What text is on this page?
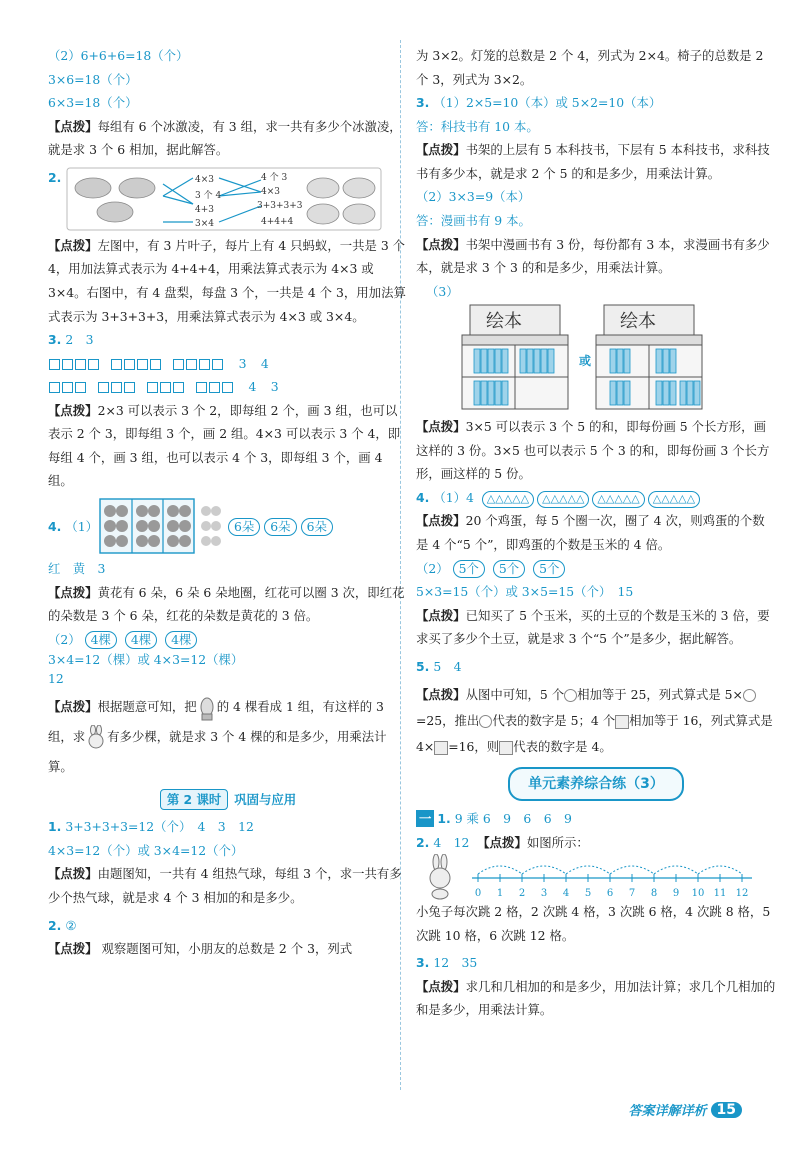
（2）6+6+6=18（个）

3×6=18（个）

6×3=18（个）

【点拨】每组有 6 个冰激凌，有 3 组，求一共有多少个冰激凌，就是求 3 个 6 相加，据此解答。

2.	4×3
3 个 4
4+3
3×4
4 个 3
4×3
3+3+3+3
4+4+4

【点拨】左图中，有 3 片叶子，每片上有 4 只蚂蚁，一共是 3 个 4，用加法算式表示为 4+4+4，用乘法算式表示为 4×3 或 3×4。右图中，有 4 盘梨，每盘 3 个，一共是 4 个 3，用加法算式表示为 3+3+3+3，用乘法算式表示为 4×3 或 3×4。

3. 2　3

3　4

4　3

【点拨】2×3 可以表示 3 个 2，即每组 2 个，画 3 组，也可以表示 2 个 3，即每组 3 个，画 2 组。4×3 可以表示 3 个 4，即每组 4 个，画 3 组，也可以表示 4 个 3，即每组 3 个，画 4 组。

4. （1）	6朵	6朵	6朵

红　黄　3

【点拨】黄花有 6 朵，6 朵 6 朵地圈，红花可以圈 3 次，即红花的朵数是 3 个 6 朵，红花的朵数是黄花的 3 倍。

（2） 4棵 4棵 4棵

3×4=12（棵）或 4×3=12（棵）

12

【点拨】根据题意可知，把 的 4 棵看成 1 组，有这样的 3 组，求 有多少棵，就是求 3 个 4 棵的和是多少，用乘法计算。

第 2 课时	巩固与应用

1. 3+3+3+3=12（个）　4　3　12

4×3=12（个）或 3×4=12（个）

【点拨】由题图知，一共有 4 组热气球，每组 3 个，求一共有多少个热气球，就是求 4 个 3 相加的和是多少。

2. ②

【点拨】 观察题图可知，小朋友的总数是 2 个 3，列式

为 3×2。灯笼的总数是 2 个 4，列式为 2×4。椅子的总数是 2 个 3，列式为 3×2。

3. （1）2×5=10（本）或 5×2=10（本）

答：科技书有 10 本。

【点拨】书架的上层有 5 本科技书，下层有 5 本科技书，求科技书有多少本，就是求 2 个 5 的和是多少，用乘法计算。

（2）3×3=9（本）

答：漫画书有 9 本。

【点拨】书架中漫画书有 3 份，每份都有 3 本，求漫画书有多少本，就是求 3 个 3 的和是多少，用乘法计算。

（3）
绘本
或
绘本

【点拨】3×5 可以表示 3 个 5 的和，即每份画 5 个长方形，画这样的 3 份。3×5 也可以表示 5 个 3 的和，即每份画 3 个长方形，画这样的 5 份。

4. （1）4 △△△△△ △△△△△ △△△△△ △△△△△

【点拨】20 个鸡蛋，每 5 个圈一次，圈了 4 次，则鸡蛋的个数是 4 个“5 个”，即鸡蛋的个数是玉米的 4 倍。

（2） 5个 5个 5个

5×3=15（个）或 3×5=15（个）　15

【点拨】已知买了 5 个玉米，买的土豆的个数是玉米的 3 倍，要求买了多少个土豆，就是求 3 个“5 个”是多少，据此解答。

5. 5　4

【点拨】从图中可知，5 个 相加等于 25，列式算式是 5×=25，推出 代表的数字是 5；4 个 相加等于 16，列式算式是 4× =16，则 代表的数字是 4。

单元素养综合练（3）

一 1. 9 乘 6　9　6　6　9

2. 4　12 【点拨】如图所示：

0 1 2 3 4 5 6 7 8 9 10 11 12

小兔子每次跳 2 格，2 次跳 4 格，3 次跳 6 格，4 次跳 8 格，5 次跳 10 格，6 次跳 12 格。

3. 12　35

【点拨】求几和几相加的和是多少，用加法计算；求几个几相加的和是多少，用乘法计算。

答案详解详析 15
